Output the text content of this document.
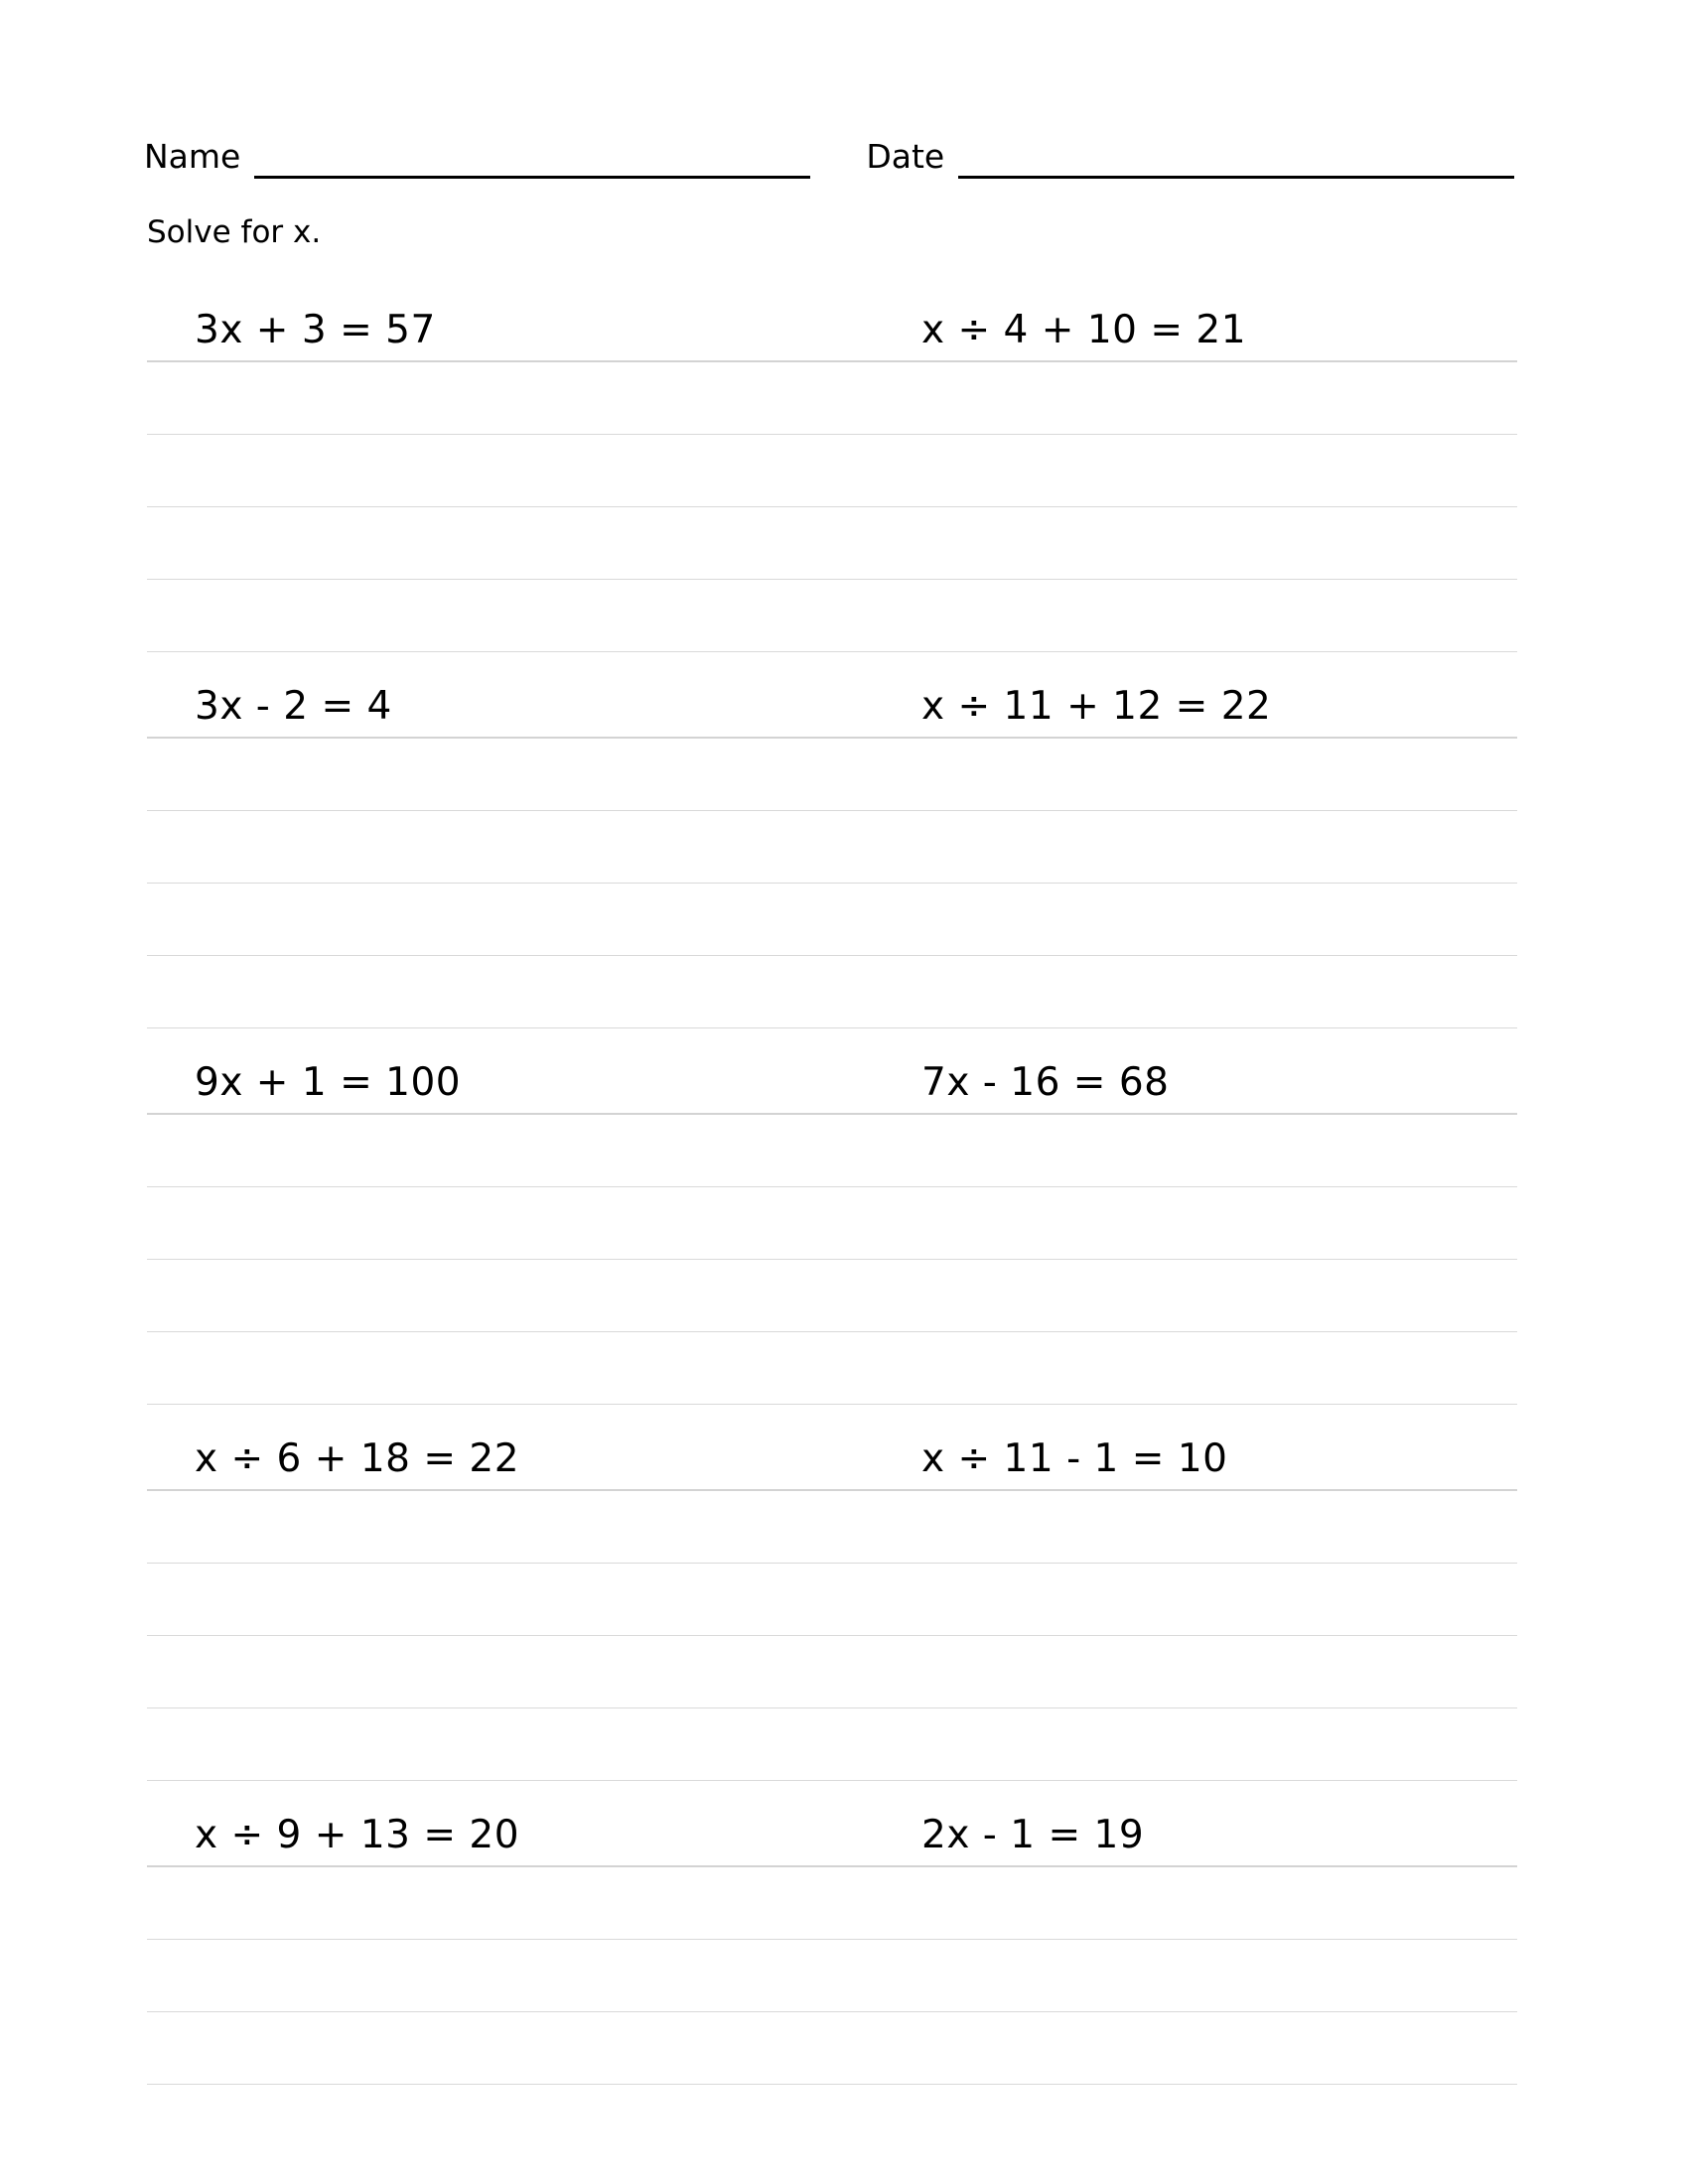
Name	Date
Solve for x.
3x + 3 = 57	x ÷ 4 + 10 = 21
3x - 2 = 4	x ÷ 11 + 12 = 22
9x + 1 = 100	7x - 16 = 68
x ÷ 6 + 18 = 22	x ÷ 11 - 1 = 10
x ÷ 9 + 13 = 20	2x - 1 = 19
